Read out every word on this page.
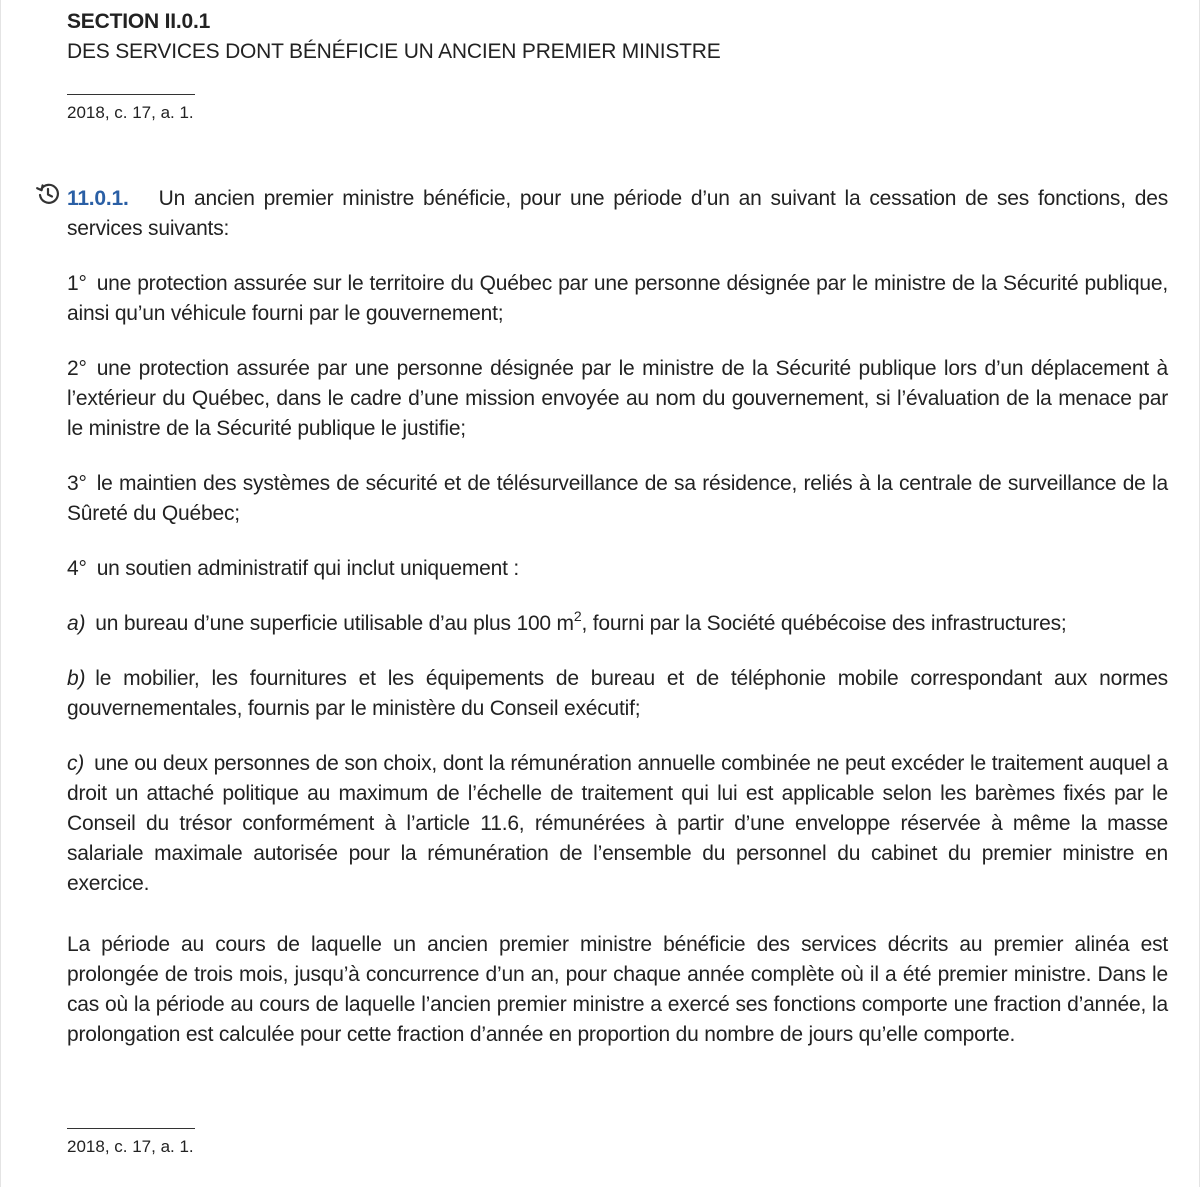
SECTION II.0.1
DES SERVICES DONT BÉNÉFICIE UN ANCIEN PREMIER MINISTRE
2018, c. 17, a. 1.

11.0.1. Un ancien premier ministre bénéficie, pour une période d’un an suivant la cessation de ses fonctions, des services suivants:

1° une protection assurée sur le territoire du Québec par une personne désignée par le ministre de la Sécurité publique, ainsi qu’un véhicule fourni par le gouvernement;

2° une protection assurée par une personne désignée par le ministre de la Sécurité publique lors d’un déplacement à l’extérieur du Québec, dans le cadre d’une mission envoyée au nom du gouvernement, si l’évaluation de la menace par le ministre de la Sécurité publique le justifie;

3° le maintien des systèmes de sécurité et de télésurveillance de sa résidence, reliés à la centrale de surveillance de la Sûreté du Québec;

4° un soutien administratif qui inclut uniquement :

a) un bureau d’une superficie utilisable d’au plus 100 $m^2$, fourni par la Société québécoise des infrastructures;

b) le mobilier, les fournitures et les équipements de bureau et de téléphonie mobile correspondant aux normes gouvernementales, fournis par le ministère du Conseil exécutif;

c) une ou deux personnes de son choix, dont la rémunération annuelle combinée ne peut excéder le traitement auquel a droit un attaché politique au maximum de l’échelle de traitement qui lui est applicable selon les barèmes fixés par le Conseil du trésor conformément à l’article 11.6, rémunérées à partir d’une enveloppe réservée à même la masse salariale maximale autorisée pour la rémunération de l’ensemble du personnel du cabinet du premier ministre en exercice.

La période au cours de laquelle un ancien premier ministre bénéficie des services décrits au premier alinéa est prolongée de trois mois, jusqu’à concurrence d’un an, pour chaque année complète où il a été premier ministre. Dans le cas où la période au cours de laquelle l’ancien premier ministre a exercé ses fonctions comporte une fraction d’année, la prolongation est calculée pour cette fraction d’année en proportion du nombre de jours qu’elle comporte.

2018, c. 17, a. 1.
